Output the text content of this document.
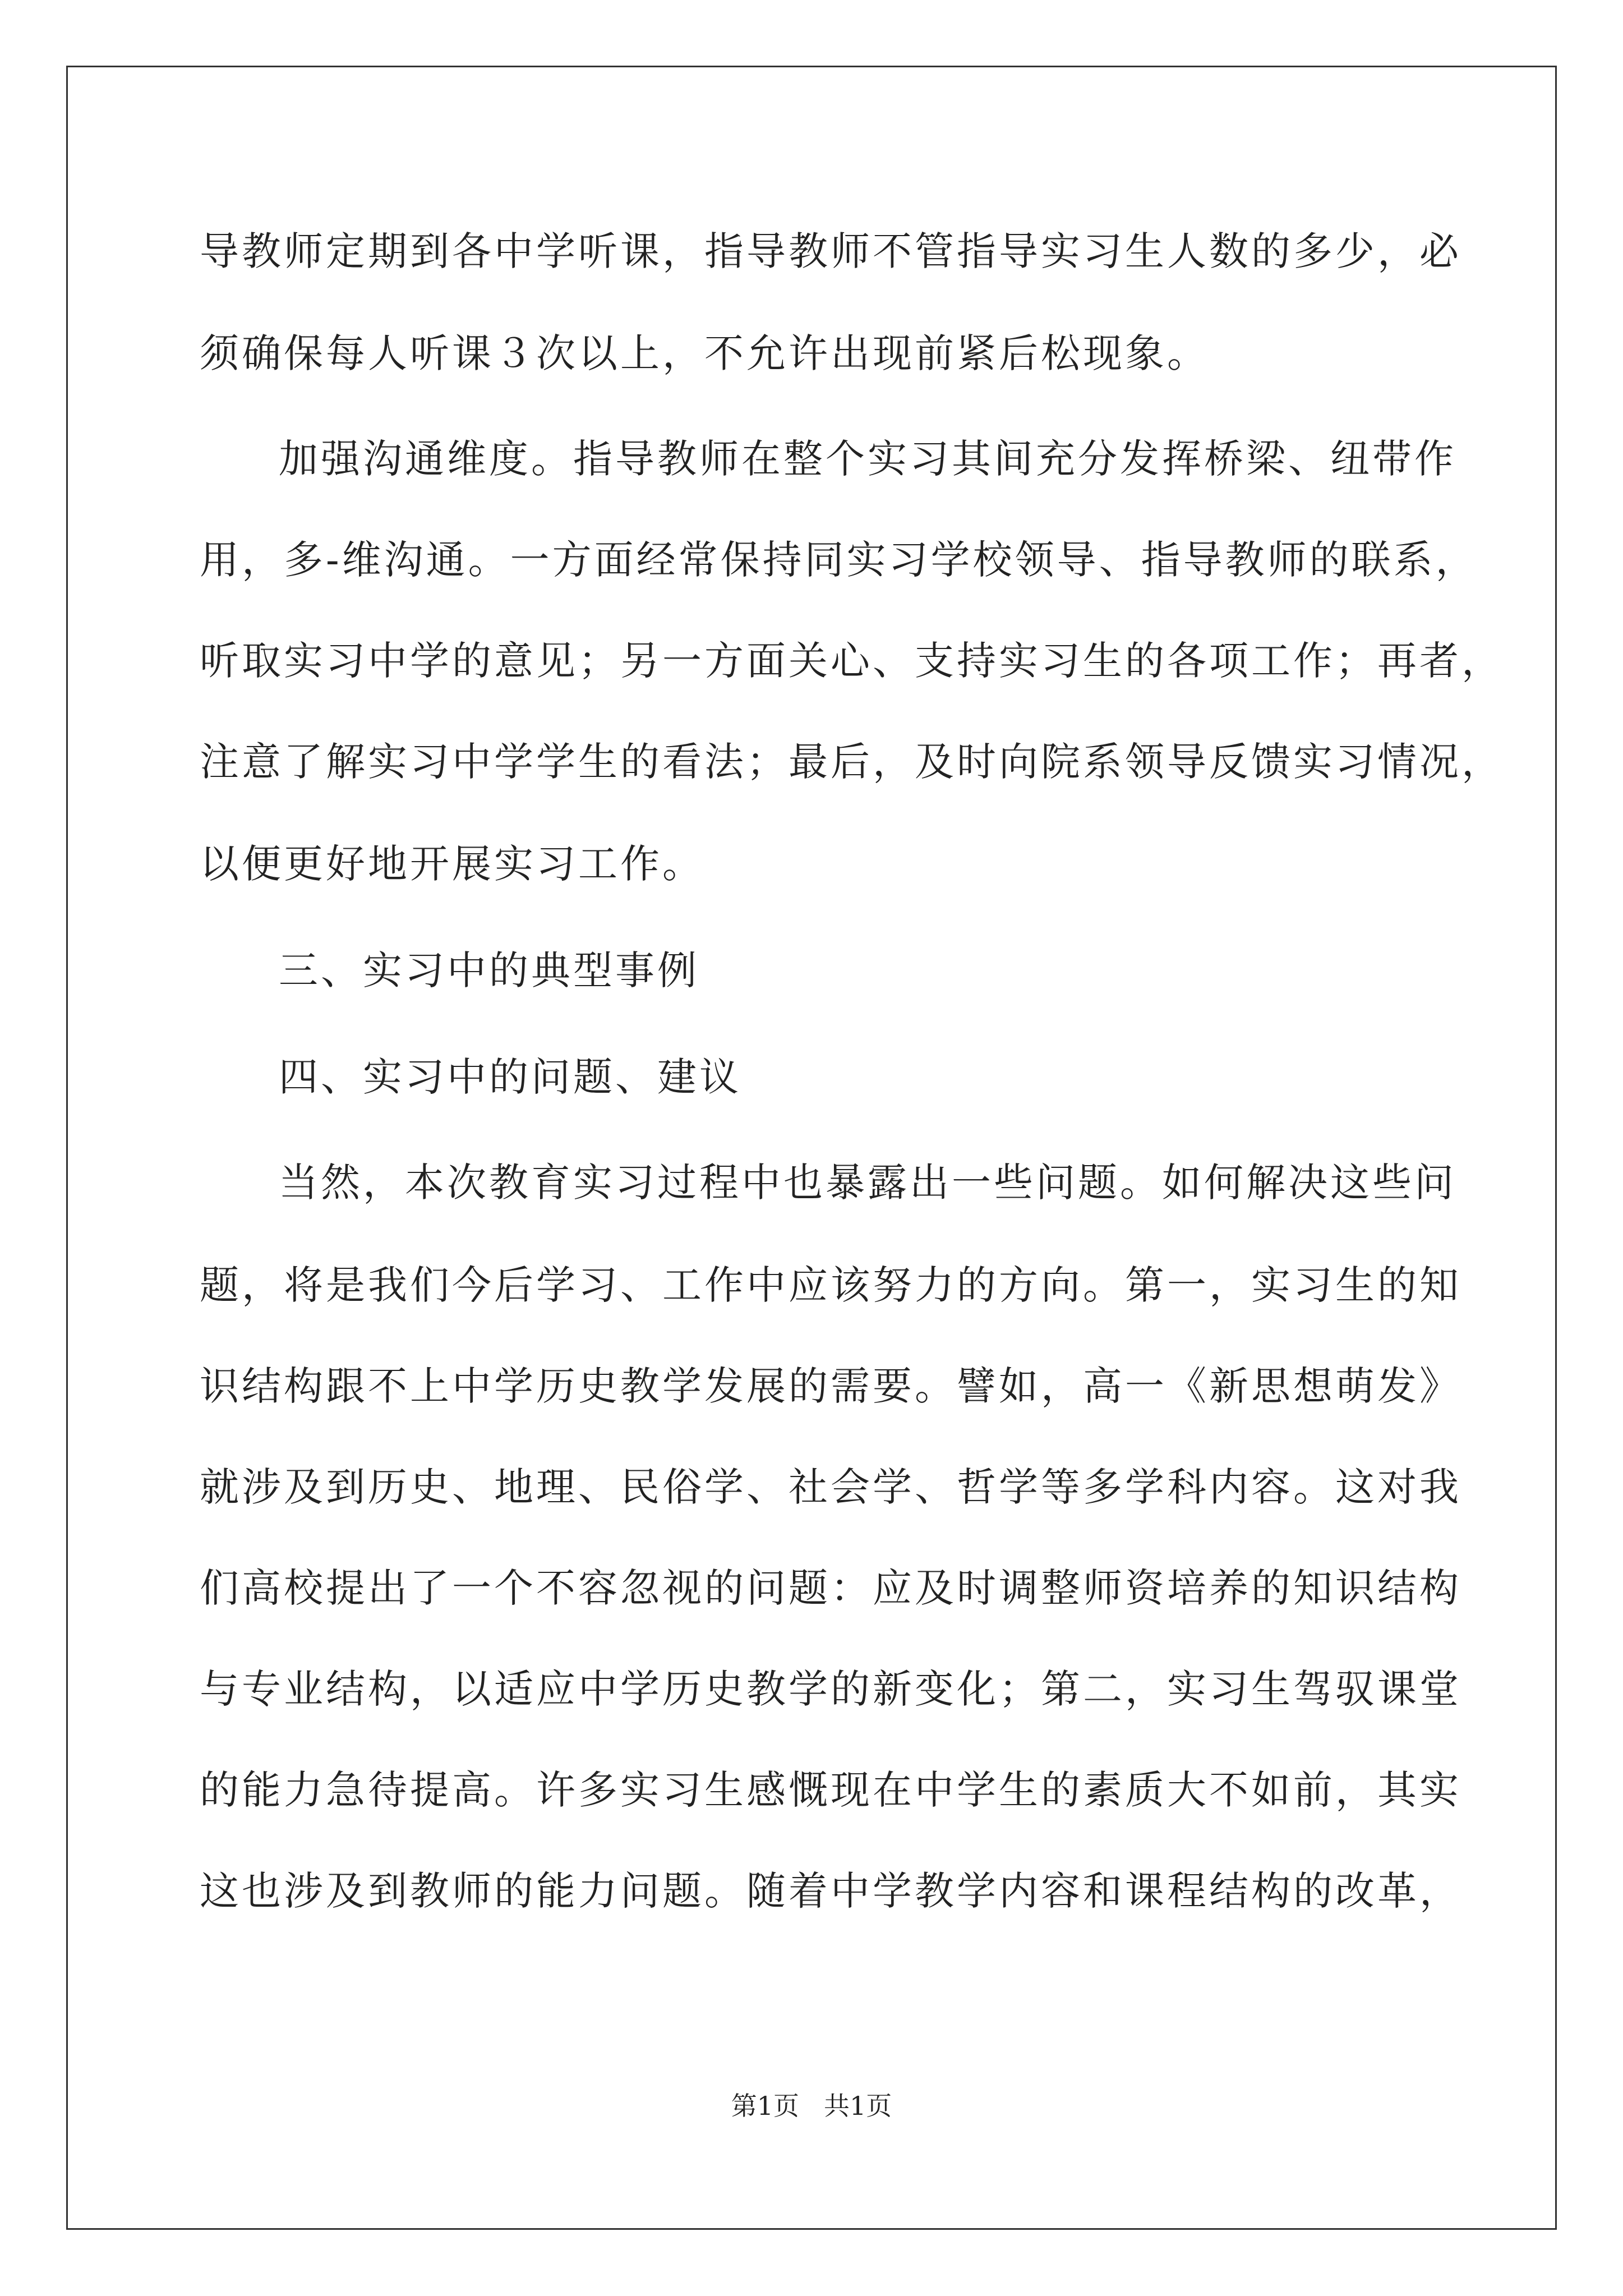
导教师定期到各中学听课，指导教师不管指导实习生人数的多少，必

须确保每人听课３次以上，不允许出现前紧后松现象。

加强沟通维度。指导教师在整个实习其间充分发挥桥梁、纽带作

用，多-维沟通。一方面经常保持同实习学校领导、指导教师的联系，

听取实习中学的意见；另一方面关心、支持实习生的各项工作；再者，

注意了解实习中学学生的看法；最后，及时向院系领导反馈实习情况，

以便更好地开展实习工作。

三、实习中的典型事例

四、实习中的问题、建议

当然，本次教育实习过程中也暴露出一些问题。如何解决这些问

题，将是我们今后学习、工作中应该努力的方向。第一，实习生的知

识结构跟不上中学历史教学发展的需要。譬如，高一《新思想萌发》

就涉及到历史、地理、民俗学、社会学、哲学等多学科内容。这对我

们高校提出了一个不容忽视的问题：应及时调整师资培养的知识结构

与专业结构，以适应中学历史教学的新变化；第二，实习生驾驭课堂

的能力急待提高。许多实习生感慨现在中学生的素质大不如前，其实

这也涉及到教师的能力问题。随着中学教学内容和课程结构的改革，

第1页 共1页
